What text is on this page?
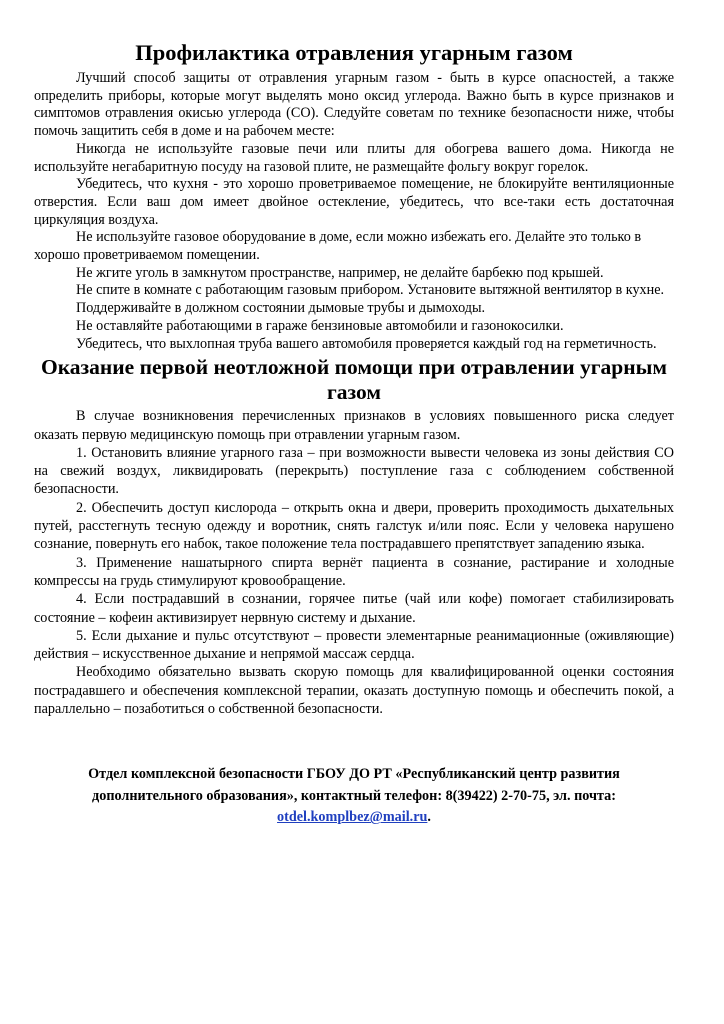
Профилактика отравления угарным газом

Лучший способ защиты от отравления угарным газом - быть в курсе опасностей, а также определить приборы, которые могут выделять моно оксид углерода. Важно быть в курсе признаков и симптомов отравления окисью углерода (CO). Следуйте советам по технике безопасности ниже, чтобы помочь защитить себя в доме и на рабочем месте:

Никогда не используйте газовые печи или плиты для обогрева вашего дома. Никогда не используйте негабаритную посуду на газовой плите, не размещайте фольгу вокруг горелок.

Убедитесь, что кухня - это хорошо проветриваемое помещение, не блокируйте вентиляционные отверстия. Если ваш дом имеет двойное остекление, убедитесь, что все-таки есть достаточная циркуляция воздуха.

Не используйте газовое оборудование в доме, если можно избежать его. Делайте это только в хорошо проветриваемом помещении.

Не жгите уголь в замкнутом пространстве, например, не делайте барбекю под крышей.

Не спите в комнате с работающим газовым прибором. Установите вытяжной вентилятор в кухне.

Поддерживайте в должном состоянии дымовые трубы и дымоходы.

Не оставляйте работающими в гараже бензиновые автомобили и газонокосилки.

Убедитесь, что выхлопная труба вашего автомобиля проверяется каждый год на герметичность.

Оказание первой неотложной помощи при отравлении угарным газом

В случае возникновения перечисленных признаков в условиях повышенного риска следует оказать первую медицинскую помощь при отравлении угарным газом.

1. Остановить влияние угарного газа – при возможности вывести человека из зоны действия СО на свежий воздух, ликвидировать (перекрыть) поступление газа с соблюдением собственной безопасности.

2. Обеспечить доступ кислорода – открыть окна и двери, проверить проходимость дыхательных путей, расстегнуть тесную одежду и воротник, снять галстук и/или пояс. Если у человека нарушено сознание, повернуть его набок, такое положение тела пострадавшего препятствует западению языка.

3. Применение нашатырного спирта вернёт пациента в сознание, растирание и холодные компрессы на грудь стимулируют кровообращение.

4. Если пострадавший в сознании, горячее питье (чай или кофе) помогает стабилизировать состояние – кофеин активизирует нервную систему и дыхание.

5. Если дыхание и пульс отсутствуют – провести элементарные реанимационные (оживляющие) действия – искусственное дыхание и непрямой массаж сердца.

Необходимо обязательно вызвать скорую помощь для квалифицированной оценки состояния пострадавшего и обеспечения комплексной терапии, оказать доступную помощь и обеспечить покой, а параллельно – позаботиться о собственной безопасности.

Отдел комплексной безопасности ГБОУ ДО РТ «Республиканский центр развития дополнительного образования», контактный телефон: 8(39422) 2-70-75, эл. почта: otdel.komplbez@mail.ru.
